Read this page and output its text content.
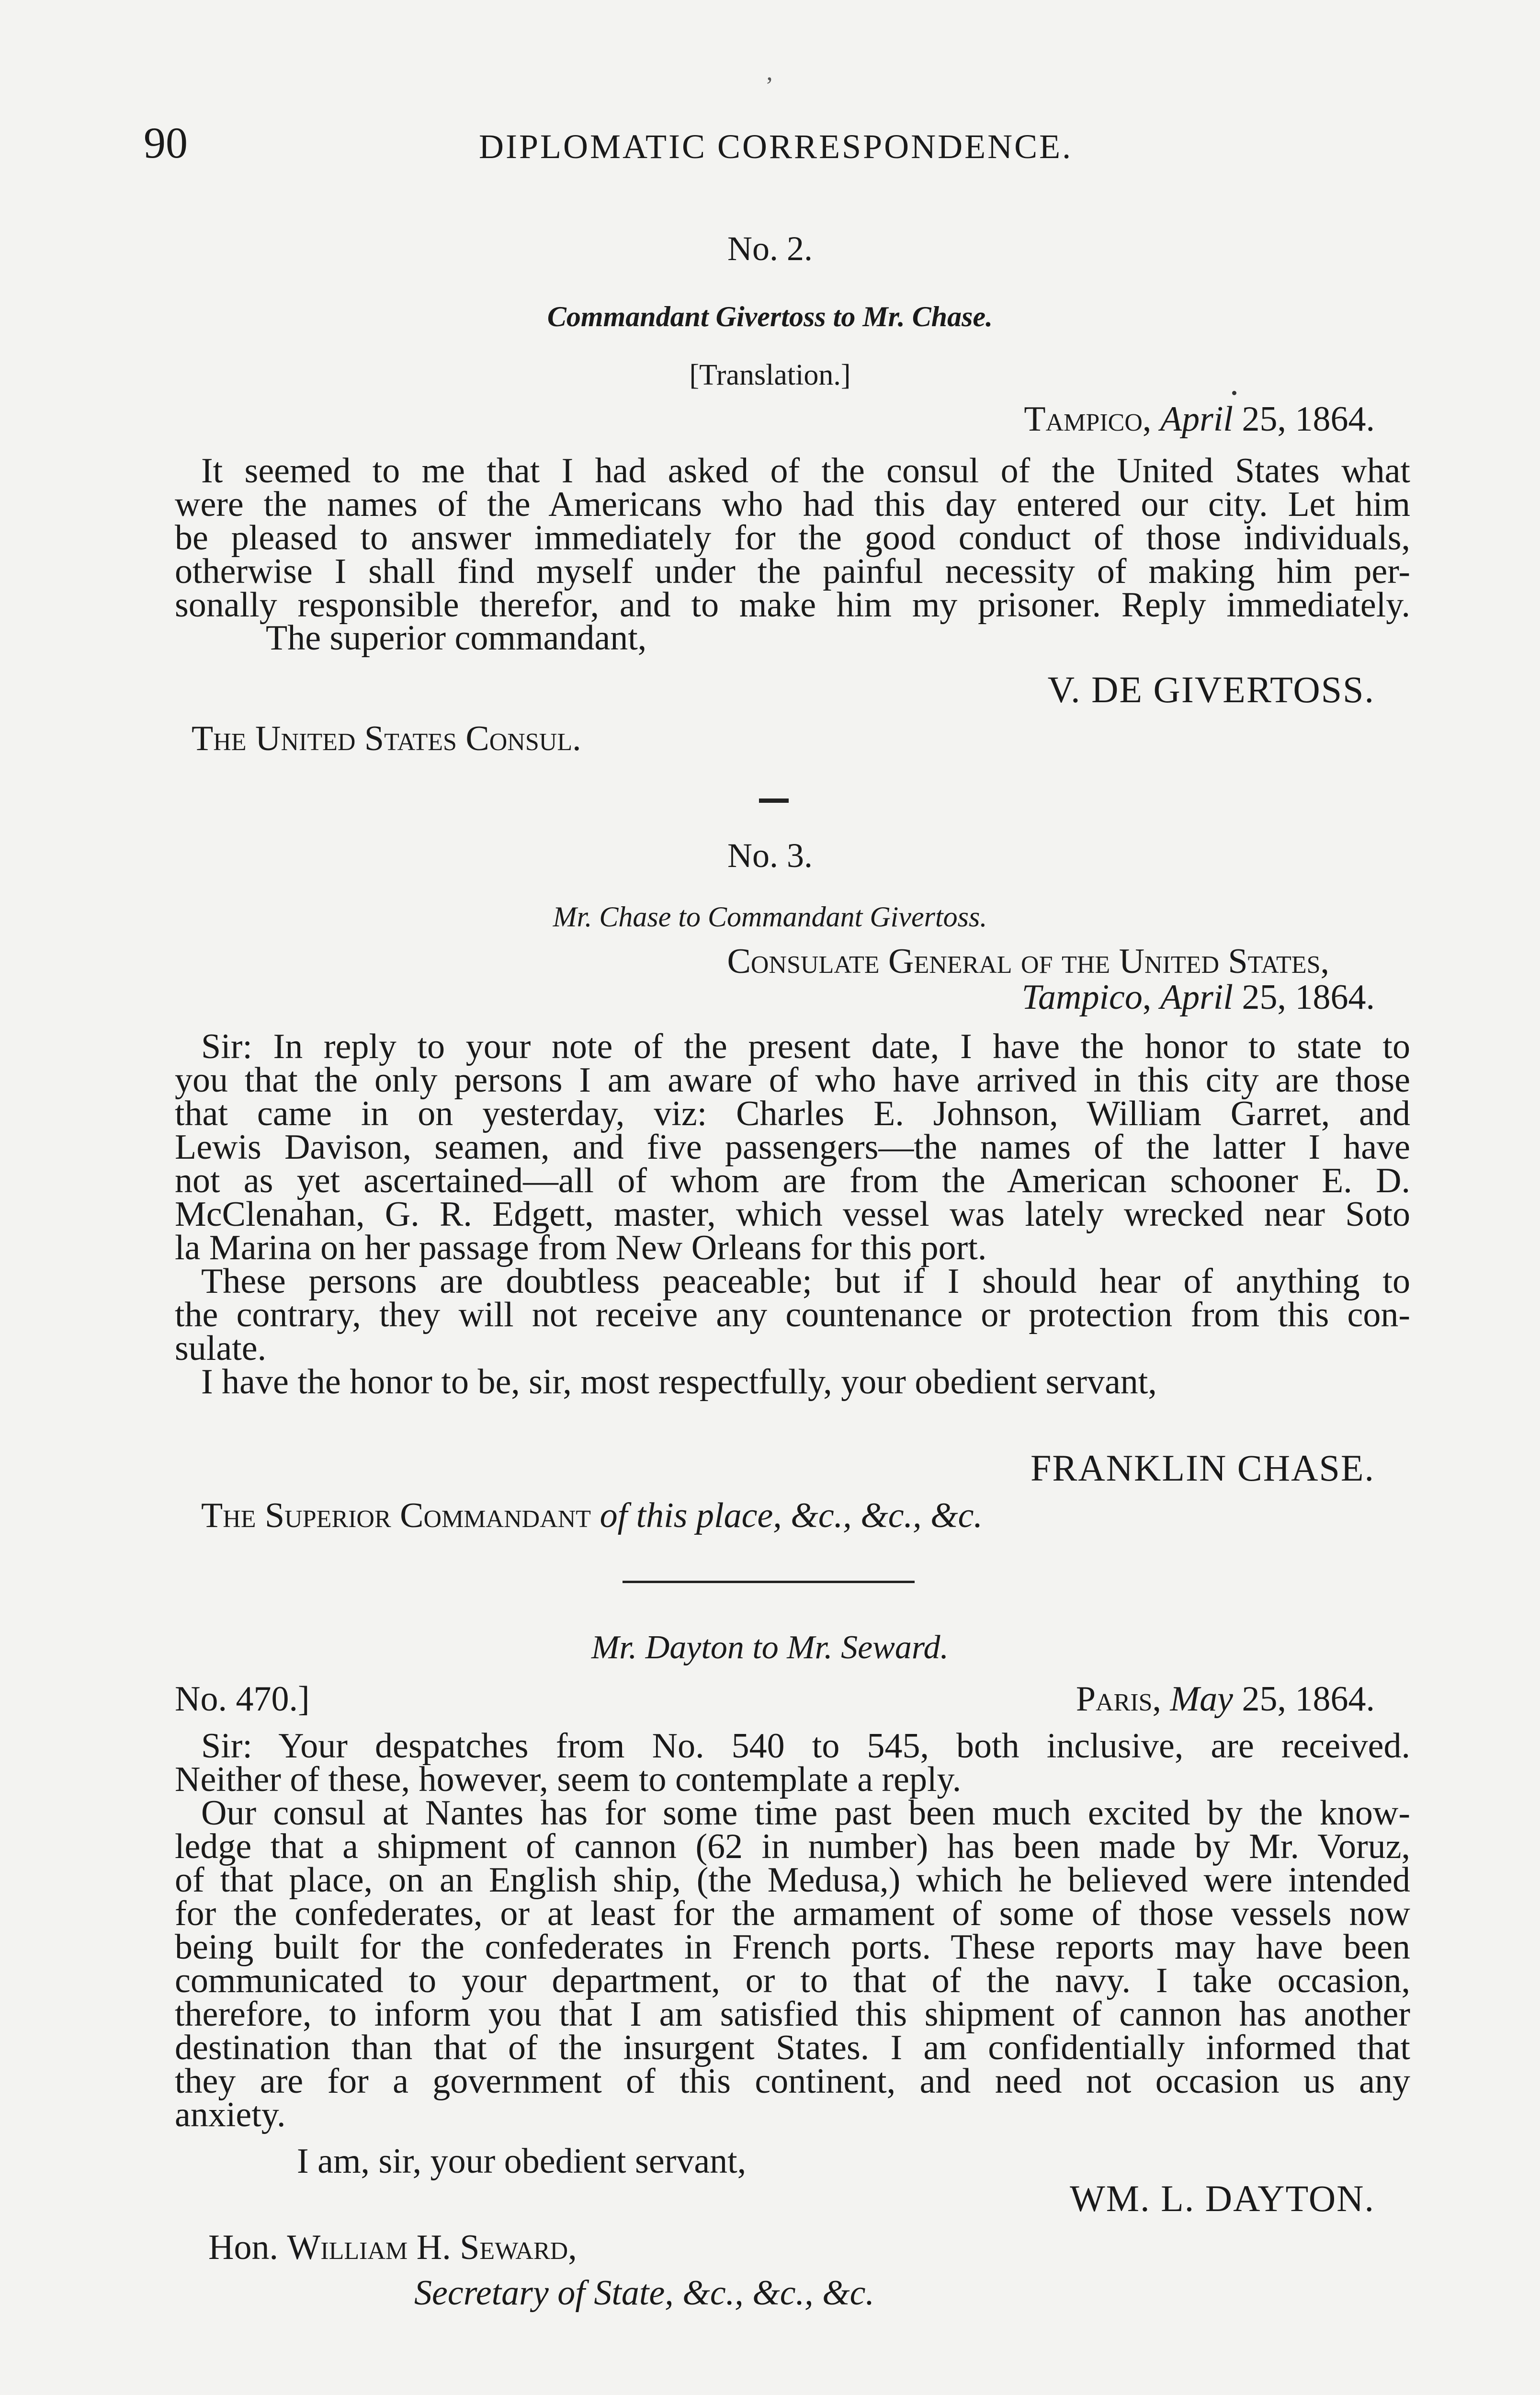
90	DIPLOMATIC CORRESPONDENCE.
ʼ
No. 2.
Commandant Givertoss to Mr. Chase.
[Translation.]
Tampico, April 25, 1864.
It seemed to me that I had asked of the consul of the United States what
were the names of the Americans who had this day entered our city. Let him
be pleased to answer immediately for the good conduct of those individuals,
otherwise I shall find myself under the painful necessity of making him per-
sonally responsible therefor, and to make him my prisoner. Reply immediately.
The superior commandant,
V. DE GIVERTOSS.
The United States Consul.
No. 3.
Mr. Chase to Commandant Givertoss.
Consulate General of the United States,
Tampico, April 25, 1864.
Sir: In reply to your note of the present date, I have the honor to state to
you that the only persons I am aware of who have arrived in this city are those
that came in on yesterday, viz: Charles E. Johnson, William Garret, and
Lewis Davison, seamen, and five passengers—the names of the latter I have
not as yet ascertained—all of whom are from the American schooner E. D.
McClenahan, G. R. Edgett, master, which vessel was lately wrecked near Soto
la Marina on her passage from New Orleans for this port.
These persons are doubtless peaceable; but if I should hear of anything to
the contrary, they will not receive any countenance or protection from this con-
sulate.
I have the honor to be, sir, most respectfully, your obedient servant,
FRANKLIN CHASE.
The Superior Commandant of this place, &c., &c., &c.
Mr. Dayton to Mr. Seward.
No. 470.]	Paris, May 25, 1864.
Sir: Your despatches from No. 540 to 545, both inclusive, are received.
Neither of these, however, seem to contemplate a reply.
Our consul at Nantes has for some time past been much excited by the know-
ledge that a shipment of cannon (62 in number) has been made by Mr. Voruz,
of that place, on an English ship, (the Medusa,) which he believed were intended
for the confederates, or at least for the armament of some of those vessels now
being built for the confederates in French ports. These reports may have been
communicated to your department, or to that of the navy. I take occasion,
therefore, to inform you that I am satisfied this shipment of cannon has another
destination than that of the insurgent States. I am confidentially informed that
they are for a government of this continent, and need not occasion us any
anxiety.
I am, sir, your obedient servant,
WM. L. DAYTON.
Hon. William H. Seward,
Secretary of State, &c., &c., &c.
